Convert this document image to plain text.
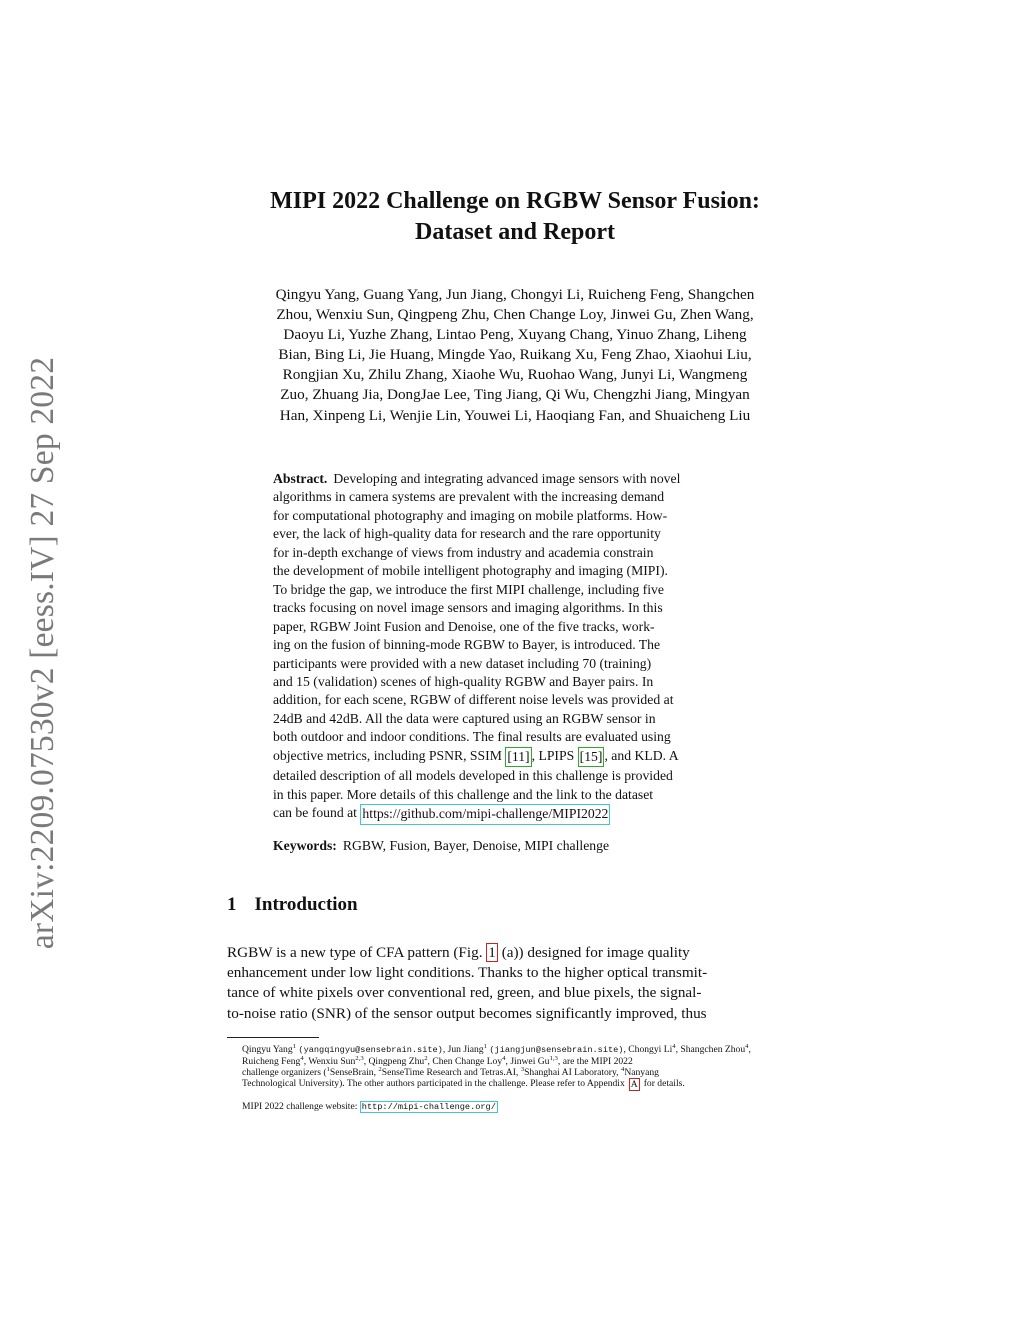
arXiv:2209.07530v2 [eess.IV] 27 Sep 2022
MIPI 2022 Challenge on RGBW Sensor Fusion:
Dataset and Report
Qingyu Yang, Guang Yang, Jun Jiang, Chongyi Li, Ruicheng Feng, Shangchen
Zhou, Wenxiu Sun, Qingpeng Zhu, Chen Change Loy, Jinwei Gu, Zhen Wang,
Daoyu Li, Yuzhe Zhang, Lintao Peng, Xuyang Chang, Yinuo Zhang, Liheng
Bian, Bing Li, Jie Huang, Mingde Yao, Ruikang Xu, Feng Zhao, Xiaohui Liu,
Rongjian Xu, Zhilu Zhang, Xiaohe Wu, Ruohao Wang, Junyi Li, Wangmeng
Zuo, Zhuang Jia, DongJae Lee, Ting Jiang, Qi Wu, Chengzhi Jiang, Mingyan
Han, Xinpeng Li, Wenjie Lin, Youwei Li, Haoqiang Fan, and Shuaicheng Liu
Abstract. Developing and integrating advanced image sensors with novel
algorithms in camera systems are prevalent with the increasing demand
for computational photography and imaging on mobile platforms. How-
ever, the lack of high-quality data for research and the rare opportunity
for in-depth exchange of views from industry and academia constrain
the development of mobile intelligent photography and imaging (MIPI).
To bridge the gap, we introduce the first MIPI challenge, including five
tracks focusing on novel image sensors and imaging algorithms. In this
paper, RGBW Joint Fusion and Denoise, one of the five tracks, work-
ing on the fusion of binning-mode RGBW to Bayer, is introduced. The
participants were provided with a new dataset including 70 (training)
and 15 (validation) scenes of high-quality RGBW and Bayer pairs. In
addition, for each scene, RGBW of different noise levels was provided at
24dB and 42dB. All the data were captured using an RGBW sensor in
both outdoor and indoor conditions. The final results are evaluated using
objective metrics, including PSNR, SSIM
[11] , LPIPS
[15] , and KLD. A
detailed description of all models developed in this challenge is provided
in this paper. More details of this challenge and the link to the dataset
can be found at
https://github.com/mipi-challenge/MIPI2022
Keywords: RGBW, Fusion, Bayer, Denoise, MIPI challenge
1 Introduction
RGBW is a new type of CFA pattern (Fig. 1 (a)) designed for image quality
enhancement under low light conditions. Thanks to the higher optical transmit-
tance of white pixels over conventional red, green, and blue pixels, the signal-
to-noise ratio (SNR) of the sensor output becomes significantly improved, thus
Qingyu Yang$^1$ (yangqingyu@sensebrain.site), Jun Jiang$^1$ (jiangjun@sensebrain.site), Chongyi Li$^4$, Shangchen Zhou$^4$,
Ruicheng Feng$^4$, Wenxiu Sun$^{2,3}$, Qingpeng Zhu$^2$, Chen Change Loy$^4$, Jinwei Gu$^{1,3}$, are the MIPI 2022
challenge organizers ($^1$SenseBrain, $^2$SenseTime Research and Tetras.AI, $^3$Shanghai AI Laboratory, $^4$Nanyang
Technological University). The other authors participated in the challenge. Please refer to Appendix A for details.
MIPI 2022 challenge website: http://mipi-challenge.org/
